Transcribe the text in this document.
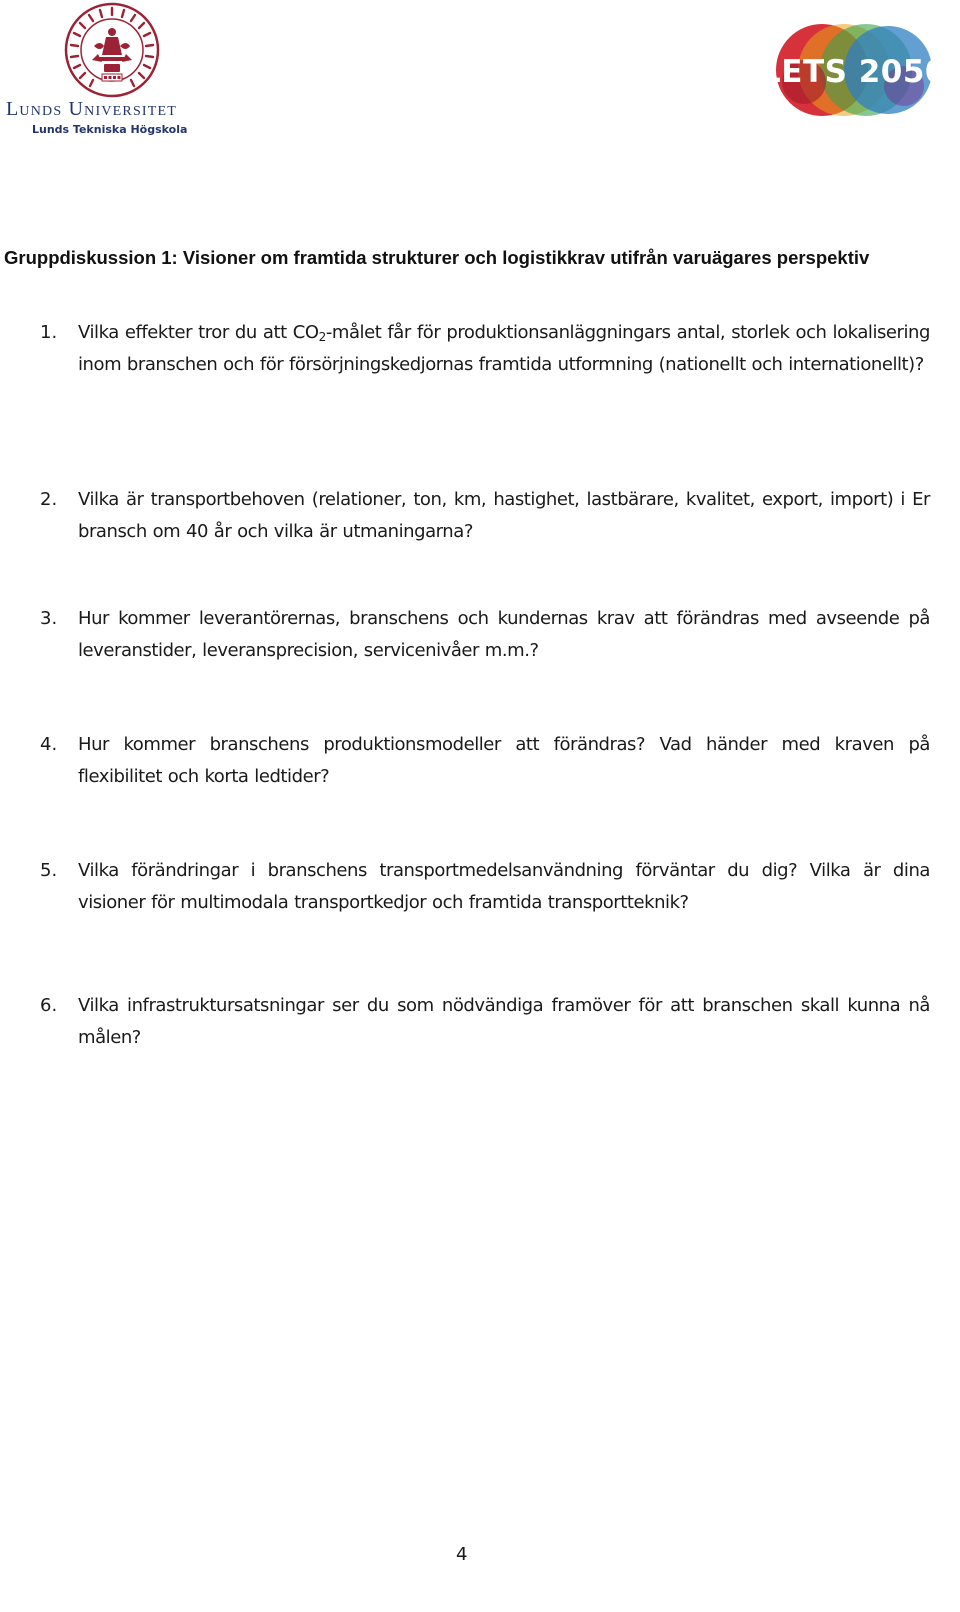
Lunds Universitet
Lunds Tekniska Högskola
LETS 2050
Gruppdiskussion 1: Visioner om framtida strukturer och logistikkrav utifrån varuägares perspektiv
1. Vilka effekter tror du att $CO_2$-målet får för produktionsanläggningars antal, storlek och lokalisering inom branschen och för försörjningskedjornas framtida utformning (nationellt och internationellt)?
2. Vilka är transportbehoven (relationer, ton, km, hastighet, lastbärare, kvalitet, export, import) i Er bransch om 40 år och vilka är utmaningarna?
3. Hur kommer leverantörernas, branschens och kundernas krav att förändras med avseende på leveranstider, leveransprecision, servicenivåer m.m.?
4. Hur kommer branschens produktionsmodeller att förändras? Vad händer med kraven på flexibilitet och korta ledtider?
5. Vilka förändringar i branschens transportmedelsanvändning förväntar du dig? Vilka är dina visioner för multimodala transportkedjor och framtida transportteknik?
6. Vilka infrastruktursatsningar ser du som nödvändiga framöver för att branschen skall kunna nå målen?
4
